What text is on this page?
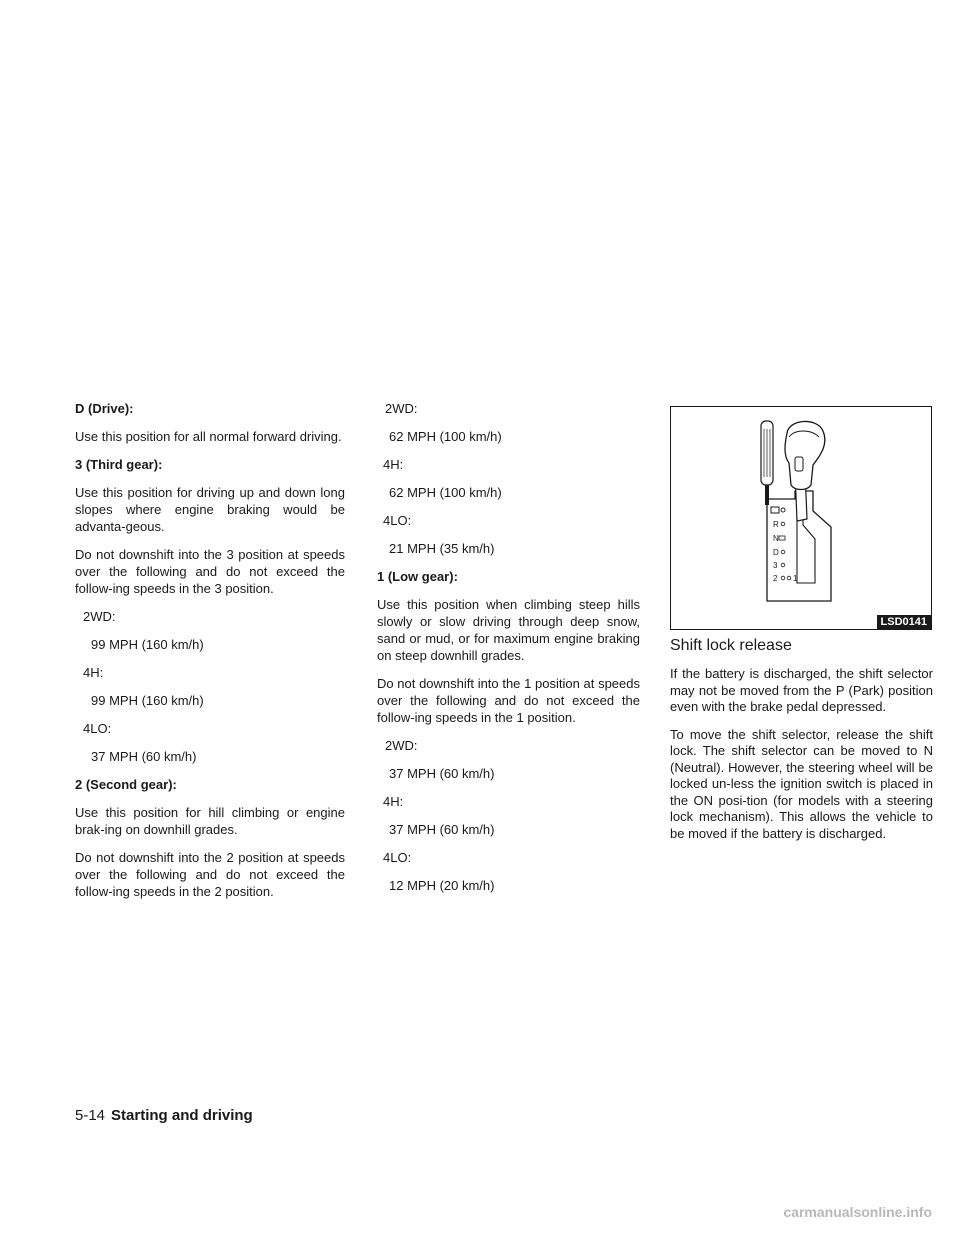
D (Drive):

Use this position for all normal forward driving.

3 (Third gear):

Use this position for driving up and down long slopes where engine braking would be advanta-geous.

Do not downshift into the 3 position at speeds over the following and do not exceed the follow-ing speeds in the 3 position.

2WD:

99 MPH (160 km/h)

4H:

99 MPH (160 km/h)

4LO:

37 MPH (60 km/h)

2 (Second gear):

Use this position for hill climbing or engine brak-ing on downhill grades.

Do not downshift into the 2 position at speeds over the following and do not exceed the follow-ing speeds in the 2 position.

2WD:

62 MPH (100 km/h)

4H:

62 MPH (100 km/h)

4LO:

21 MPH (35 km/h)

1 (Low gear):

Use this position when climbing steep hills slowly or slow driving through deep snow, sand or mud, or for maximum engine braking on steep downhill grades.

Do not downshift into the 1 position at speeds over the following and do not exceed the follow-ing speeds in the 1 position.

2WD:

37 MPH (60 km/h)

4H:

37 MPH (60 km/h)

4LO:

12 MPH (20 km/h)

R
N
D
3
2 1
LSD0141

Shift lock release

If the battery is discharged, the shift selector may not be moved from the P (Park) position even with the brake pedal depressed.

To move the shift selector, release the shift lock. The shift selector can be moved to N (Neutral). However, the steering wheel will be locked un-less the ignition switch is placed in the ON posi-tion (for models with a steering lock mechanism). This allows the vehicle to be moved if the battery is discharged.

5-14 Starting and driving
carmanualsonline.info
